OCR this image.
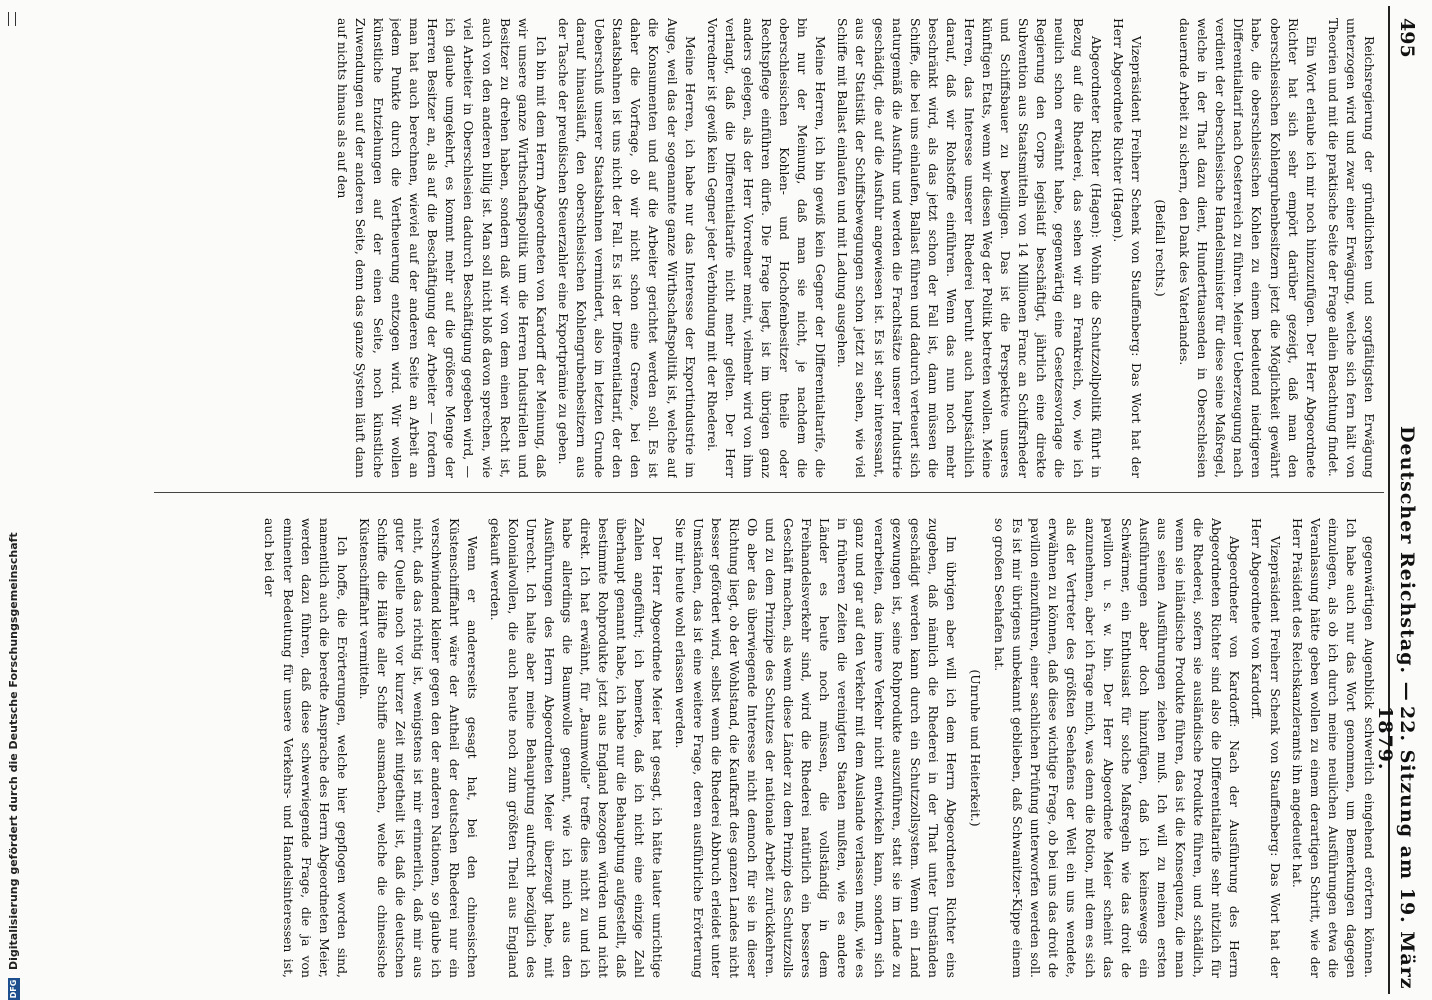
495
22. Sitzung am 19. März 1879.
Deutscher Reichstag. —

Reichsregierung der gründlichsten und sorgfältigsten Erwägung unterzogen wird und zwar einer Erwägung, welche sich fern hält von Theorien und mit die praktische Seite der Frage allein Beachtung findet.

Ein Wort erlaube ich mir noch hinzuzufügen. Der Herr Abgeordnete Richter hat sich sehr empört darüber gezeigt, daß man den oberschlesischen Kohlengrubenbesitzern jetzt die Möglichkeit gewährt habe, die oberschlesischen Kohlen zu einem bedeutend niedrigeren Differentialtarif nach Oesterreich zu führen. Meiner Ueberzeugung nach verdient der oberschlesische Handelsminister für diese seine Maßregel, welche in der That dazu dient, Hunderttausenden in Oberschlesien dauernde Arbeit zu sichern, den Dank des Vaterlandes.

(Beifall rechts.)

Vizepräsident Freiherr Schenk von Stauffenberg: Das Wort hat der Herr Abgeordnete Richter (Hagen).

Abgeordneter Richter (Hagen): Wohin die Schutzzollpolitik führt in Bezug auf die Rhederei, das sehen wir an Frankreich, wo, wie ich neulich schon erwähnt habe, gegenwärtig eine Gesetzesvorlage die Regierung den Corps legislatif beschäftigt, jährlich eine direkte Subvention aus Staatsmitteln von 14 Millionen Franc an Schiffsrheder und Schiffsbauer zu bewilligen. Das ist die Perspektive unseres künftigen Etats, wenn wir diesen Weg der Politik betreten wollen. Meine Herren, das Interesse unserer Rhederei beruht auch hauptsächlich darauf, daß wir Rohstoffe einführen. Wenn das nun noch mehr beschränkt wird, als das jetzt schon der Fall ist, dann müssen die Schiffe, die bei uns einlaufen, Ballast führen und dadurch verteuert sich naturgemäß die Ausfuhr und werden die Frachtsätze unserer Industrie geschädigt, die auf die Ausfuhr angewiesen ist. Es ist sehr interessant, aus der Statistik der Schiffsbewegungen schon jetzt zu sehen, wie viel Schiffe mit Ballast einlaufen und mit Ladung ausgehen.

Meine Herren, ich bin gewiß kein Gegner der Differentialtarife, die bin nur der Meinung, daß man sie nicht, je nachdem die oberschlesischen Kohlen- und Hochofenbesitzer theile oder Rechtspflege einführen dürfe. Die Frage liegt, ist im übrigen ganz anders gelegen, als der Herr Vorredner meint, vielmehr wird von ihm verlangt, daß die Differentialtarife nicht mehr gelten. Der Herr Vorredner ist gewiß kein Gegner jeder Verbindung mit der Rhederei.

Meine Herren, ich habe nur das Interesse der Exportindustrie im Auge, weil das der sogenannte ganze Wirthschaftspolitik ist, welche auf die Konsumenten und auf die Arbeiter gerichtet werden soll. Es ist daher die Vorfrage, ob wir nicht schon eine Grenze, bei den Staatsbahnen ist uns nicht der Fall. Es ist der Differentialtarif, der den Ueberschuß unserer Staatsbahnen vermindert, also im letzten Grunde darauf hinausläuft, den oberschlesischen Kohlengrubenbesitzern aus der Tasche der preußischen Steuerzahler eine Exportprämie zu geben.

Ich bin mit dem Herrn Abgeordneten von Kardorff der Meinung, daß wir unsere ganze Wirthschaftspolitik um die Herren Industriellen und Besitzer zu drehen haben, sondern daß wir von dem einen Recht ist, auch von den anderen billig ist. Man soll nicht bloß davon sprechen, wie viel Arbeiter in Oberschlesien dadurch Beschäftigung gegeben wird, — ich glaube umgekehrt, es kommt mehr auf die größere Menge der Herren Besitzer an, als auf die Beschäftigung der Arbeiter — fordern man hat auch berechnen, wieviel auf der anderen Seite an Arbeit an jedem Punkte durch die Vertheuerung entzogen wird. Wir wollen künstliche Entziehungen auf der einen Seite, noch künstliche Zuwendungen auf der anderen Seite, denn das ganze System läuft dann auf nichts hinaus als auf den

gegenwärtigen Augenblick schwerlich eingehend erörtern können. Ich habe auch nur das Wort genommen, um Bemerkungen dagegen einzulegen, als ob ich durch meine neulichen Ausführungen etwa die Veranlassung hätte geben wollen zu einem derartigen Schritt, wie der Herr Präsident des Reichskanzleramts ihn angedeutet hat.

Vizepräsident Freiherr Schenk von Stauffenberg: Das Wort hat der Herr Abgeordnete von Kardorff.

Abgeordneter von Kardorff: Nach der Ausführung des Herrn Abgeordneten Richter sind also die Differentialtarife sehr nützlich für die Rhederei, sofern sie ausländische Produkte führen, und schädlich, wenn sie inländische Produkte führen, das ist die Konsequenz, die man aus seinen Ausführungen ziehen muß. Ich will zu meinen ersten Ausführungen aber doch hinzufügen, daß ich keineswegs ein Schwärmer, ein Enthusiast für solche Maßregeln wie das droit de pavillon u. s. w. bin. Der Herr Abgeordnete Meier scheint das anzunehmen, aber ich frage mich, was denn die Rotion, mit dem es sich als der Vertreter des größten Seehafens der Welt ein uns wendete, erwähnen zu können, daß diese wichtige Frage, ob bei uns das droit de pavillon einzuführen, einer sachlichen Prüfung unterworfen werden soll. Es ist mir übrigens unbekannt geblieben, daß Schwanitzer-Kippe einem so großen Seehafen hat.

(Unruhe und Heiterkeit.)

Im übrigen aber will ich dem Herrn Abgeordneten Richter eins zugeben, daß nämlich die Rhederei in der That unter Umständen geschädigt werden kann durch ein Schutzzollsystem. Wenn ein Land gezwungen ist, seine Rohprodukte auszuführen, statt sie im Lande zu verarbeiten, das innere Verkehr nicht entwickeln kann, sondern sich ganz und gar auf den Verkehr mit dem Auslande verlassen muß, wie es in früheren Zeiten die vereinigten Staaten mußten, wie es andere Länder es heute noch müssen, die vollständig in dem Freihandelsverkehr sind, wird die Rhederei natürlich ein besseres Geschäft machen, als wenn diese Länder zu dem Prinzip des Schutzzolls und zu dem Prinzipe des Schutzes der nationale Arbeit zurückkehren. Ob aber das überwiegende Interesse nicht dennoch für sie in dieser Richtung liegt, ob der Wohlstand, die Kaufkraft des ganzen Landes nicht besser gefördert wird, selbst wenn die Rhederei Abbruch erleidet unter Umständen, das ist eine weitere Frage, deren ausführliche Erörterung Sie mir heute wohl erlassen werden.

Der Herr Abgeordnete Meier hat gesagt, ich hätte lauter unrichtige Zahlen angeführt; ich bemerke, daß ich nicht eine einzige Zahl überhaupt genannt habe, ich habe nur die Behauptung aufgestellt, daß bestimmte Rohprodukte jetzt aus England bezogen würden und nicht direkt. Ich hat erwähnt, für „Baumwolle“ treffe dies nicht zu und ich habe allerdings die Baumwolle genannt, wie ich mich aus den Ausführungen des Herrn Abgeordneten Meier überzeugt habe, mit Unrecht. Ich halte aber meine Behauptung aufrecht bezüglich des Kolonialwollen, die auch heute noch zum größten Theil aus England gekauft werden.

Wenn er andererseits gesagt hat, bei den chinesischen Küstenschifffahrt wäre der Antheil der deutschen Rhederei nur ein verschwindend kleiner gegen den der anderen Nationen, so glaube ich nicht, daß das richtig ist, wenigstens ist mir erinnerlich, daß mir aus guter Quelle noch vor kurzer Zeit mitgetheilt ist, daß die deutschen Schiffe die Hälfte aller Schiffe ausmachen, welche die chinesische Küstenschifffahrt vermitteln.

Ich hoffe, die Erörterungen, welche hier gepflogen worden sind, namentlich auch die beredte Ansprache des Herrn Abgeordneten Meier, werden dazu führen, daß diese schwerwiegende Frage, die ja von eminenter Bedeutung für unsere Verkehrs- und Handelsinteressen ist, auch bei der

DFG
Digitalisierung gefördert durch die Deutsche Forschungsgemeinschaft
